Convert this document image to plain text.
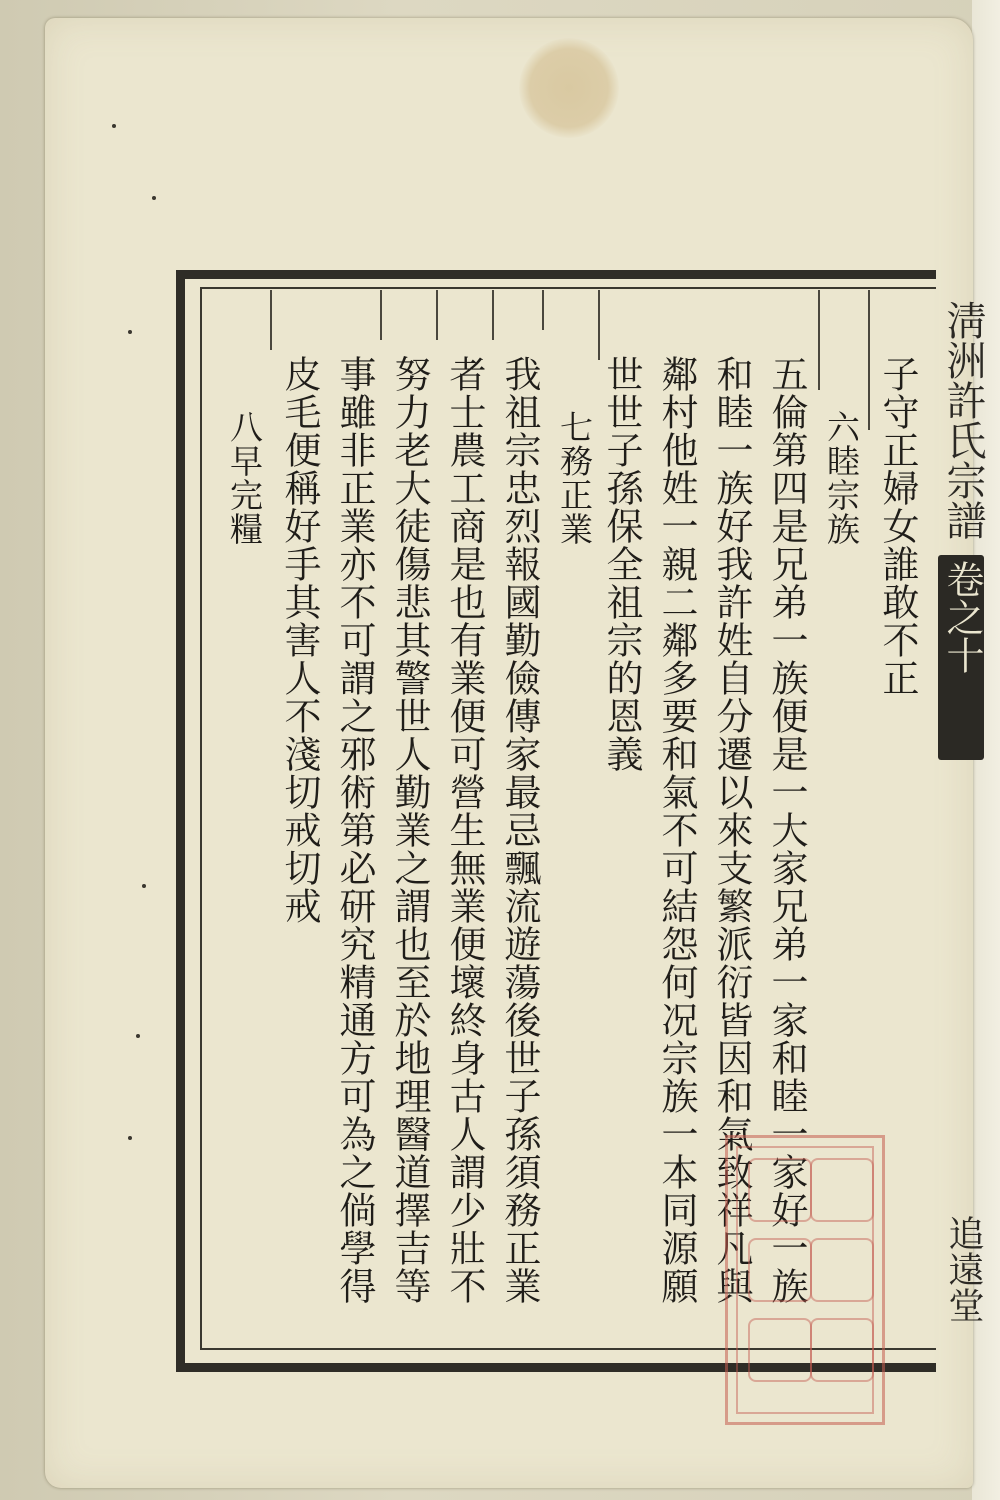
子守正婦女誰敢不正
六睦宗族
五倫第四是兄弟一族便是一大家兄弟一家和睦一家好一族
和睦一族好我許姓自分遷以來支繁派衍皆因和氣致祥凡與
鄰村他姓一親二鄰多要和氣不可結怨何况宗族一本同源願
世世子孫保全祖宗的恩義
七務正業
我祖宗忠烈報國勤儉傳家最忌飄流遊蕩後世子孫須務正業
者士農工商是也有業便可營生無業便壞終身古人謂少壯不
努力老大徒傷悲其警世人勤業之謂也至於地理醫道擇吉等
事雖非正業亦不可謂之邪術第必研究精通方可為之倘學得
皮毛便稱好手其害人不淺切戒切戒
八早完糧	淸洲許氏宗譜
卷之十
追遠堂
